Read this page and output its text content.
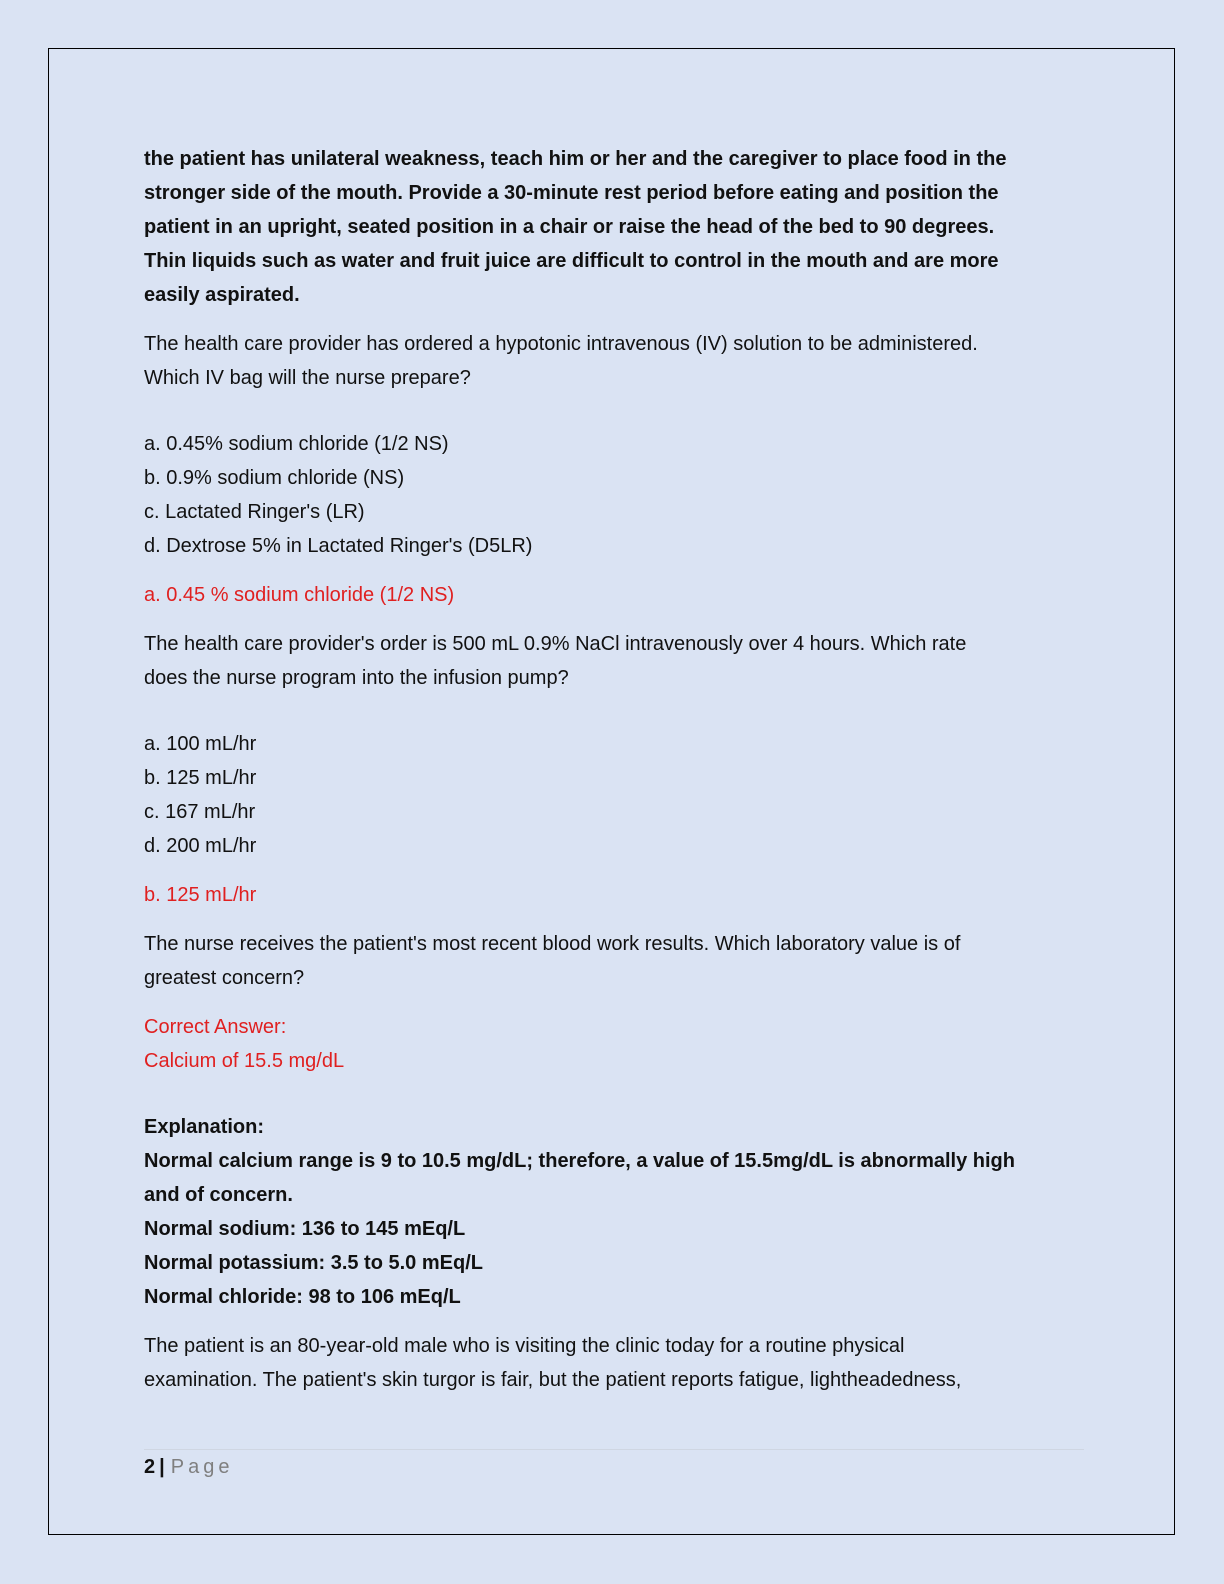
the patient has unilateral weakness, teach him or her and the caregiver to place food in the
stronger side of the mouth. Provide a 30-minute rest period before eating and position the
patient in an upright, seated position in a chair or raise the head of the bed to 90 degrees.
Thin liquids such as water and fruit juice are difficult to control in the mouth and are more
easily aspirated.
The health care provider has ordered a hypotonic intravenous (IV) solution to be administered.
Which IV bag will the nurse prepare?
a. 0.45% sodium chloride (1/2 NS)
b. 0.9% sodium chloride (NS)
c. Lactated Ringer's (LR)
d. Dextrose 5% in Lactated Ringer's (D5LR)
a. 0.45 % sodium chloride (1/2 NS)
The health care provider's order is 500 mL 0.9% NaCl intravenously over 4 hours. Which rate
does the nurse program into the infusion pump?
a. 100 mL/hr
b. 125 mL/hr
c. 167 mL/hr
d. 200 mL/hr
b. 125 mL/hr
The nurse receives the patient's most recent blood work results. Which laboratory value is of
greatest concern?
Correct Answer:
Calcium of 15.5 mg/dL
Explanation:
Normal calcium range is 9 to 10.5 mg/dL; therefore, a value of 15.5mg/dL is abnormally high
and of concern.
Normal sodium: 136 to 145 mEq/L
Normal potassium: 3.5 to 5.0 mEq/L
Normal chloride: 98 to 106 mEq/L
The patient is an 80-year-old male who is visiting the clinic today for a routine physical
examination. The patient's skin turgor is fair, but the patient reports fatigue, lightheadedness,
2 | Page
